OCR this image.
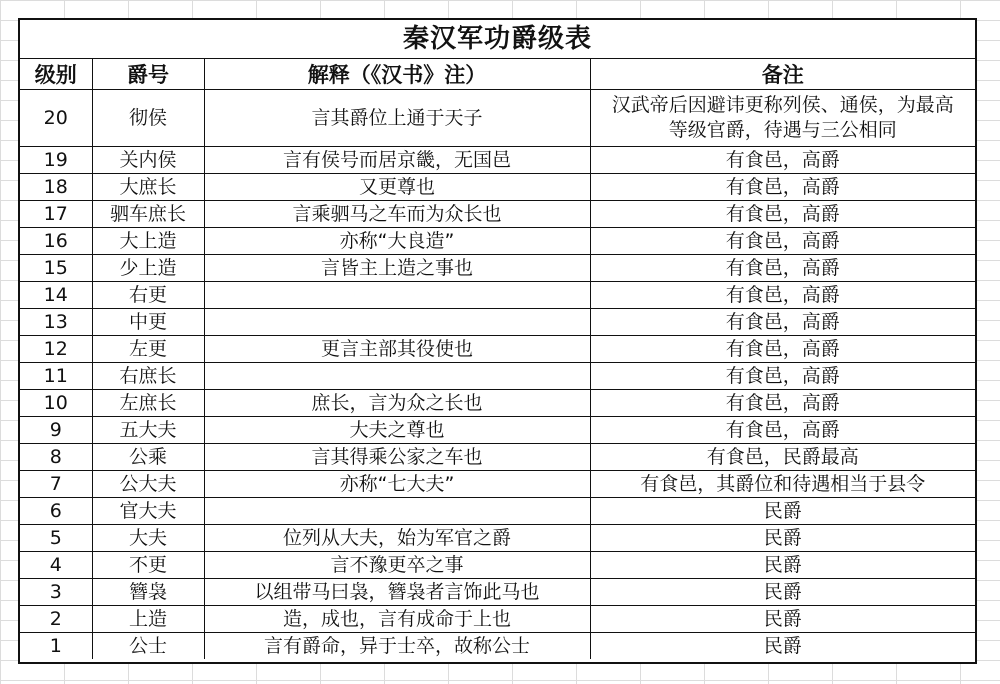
秦汉军功爵级表
级别	爵号	解释（《汉书》注）	备注
20	彻侯	言其爵位上通于天子	汉武帝后因避讳更称列侯、通侯，为最高等级官爵，待遇与三公相同

19	关内侯	言有侯号而居京畿，无国邑	有食邑，高爵
18	大庶长	又更尊也	有食邑，高爵
17	驷车庶长	言乘驷马之车而为众长也	有食邑，高爵
16	大上造	亦称“大良造”	有食邑，高爵
15	少上造	言皆主上造之事也	有食邑，高爵
14	右更		有食邑，高爵
13	中更		有食邑，高爵
12	左更	更言主部其役使也	有食邑，高爵
11	右庶长		有食邑，高爵
10	左庶长	庶长，言为众之长也	有食邑，高爵
9	五大夫	大夫之尊也	有食邑，高爵
8	公乘	言其得乘公家之车也	有食邑，民爵最高
7	公大夫	亦称“七大夫”	有食邑，其爵位和待遇相当于县令
6	官大夫		民爵
5	大夫	位列从大夫，始为军官之爵	民爵
4	不更	言不豫更卒之事	民爵
3	簪袅	以组带马曰袅，簪袅者言饰此马也	民爵
2	上造	造，成也，言有成命于上也	民爵
1	公士	言有爵命，异于士卒，故称公士	民爵
